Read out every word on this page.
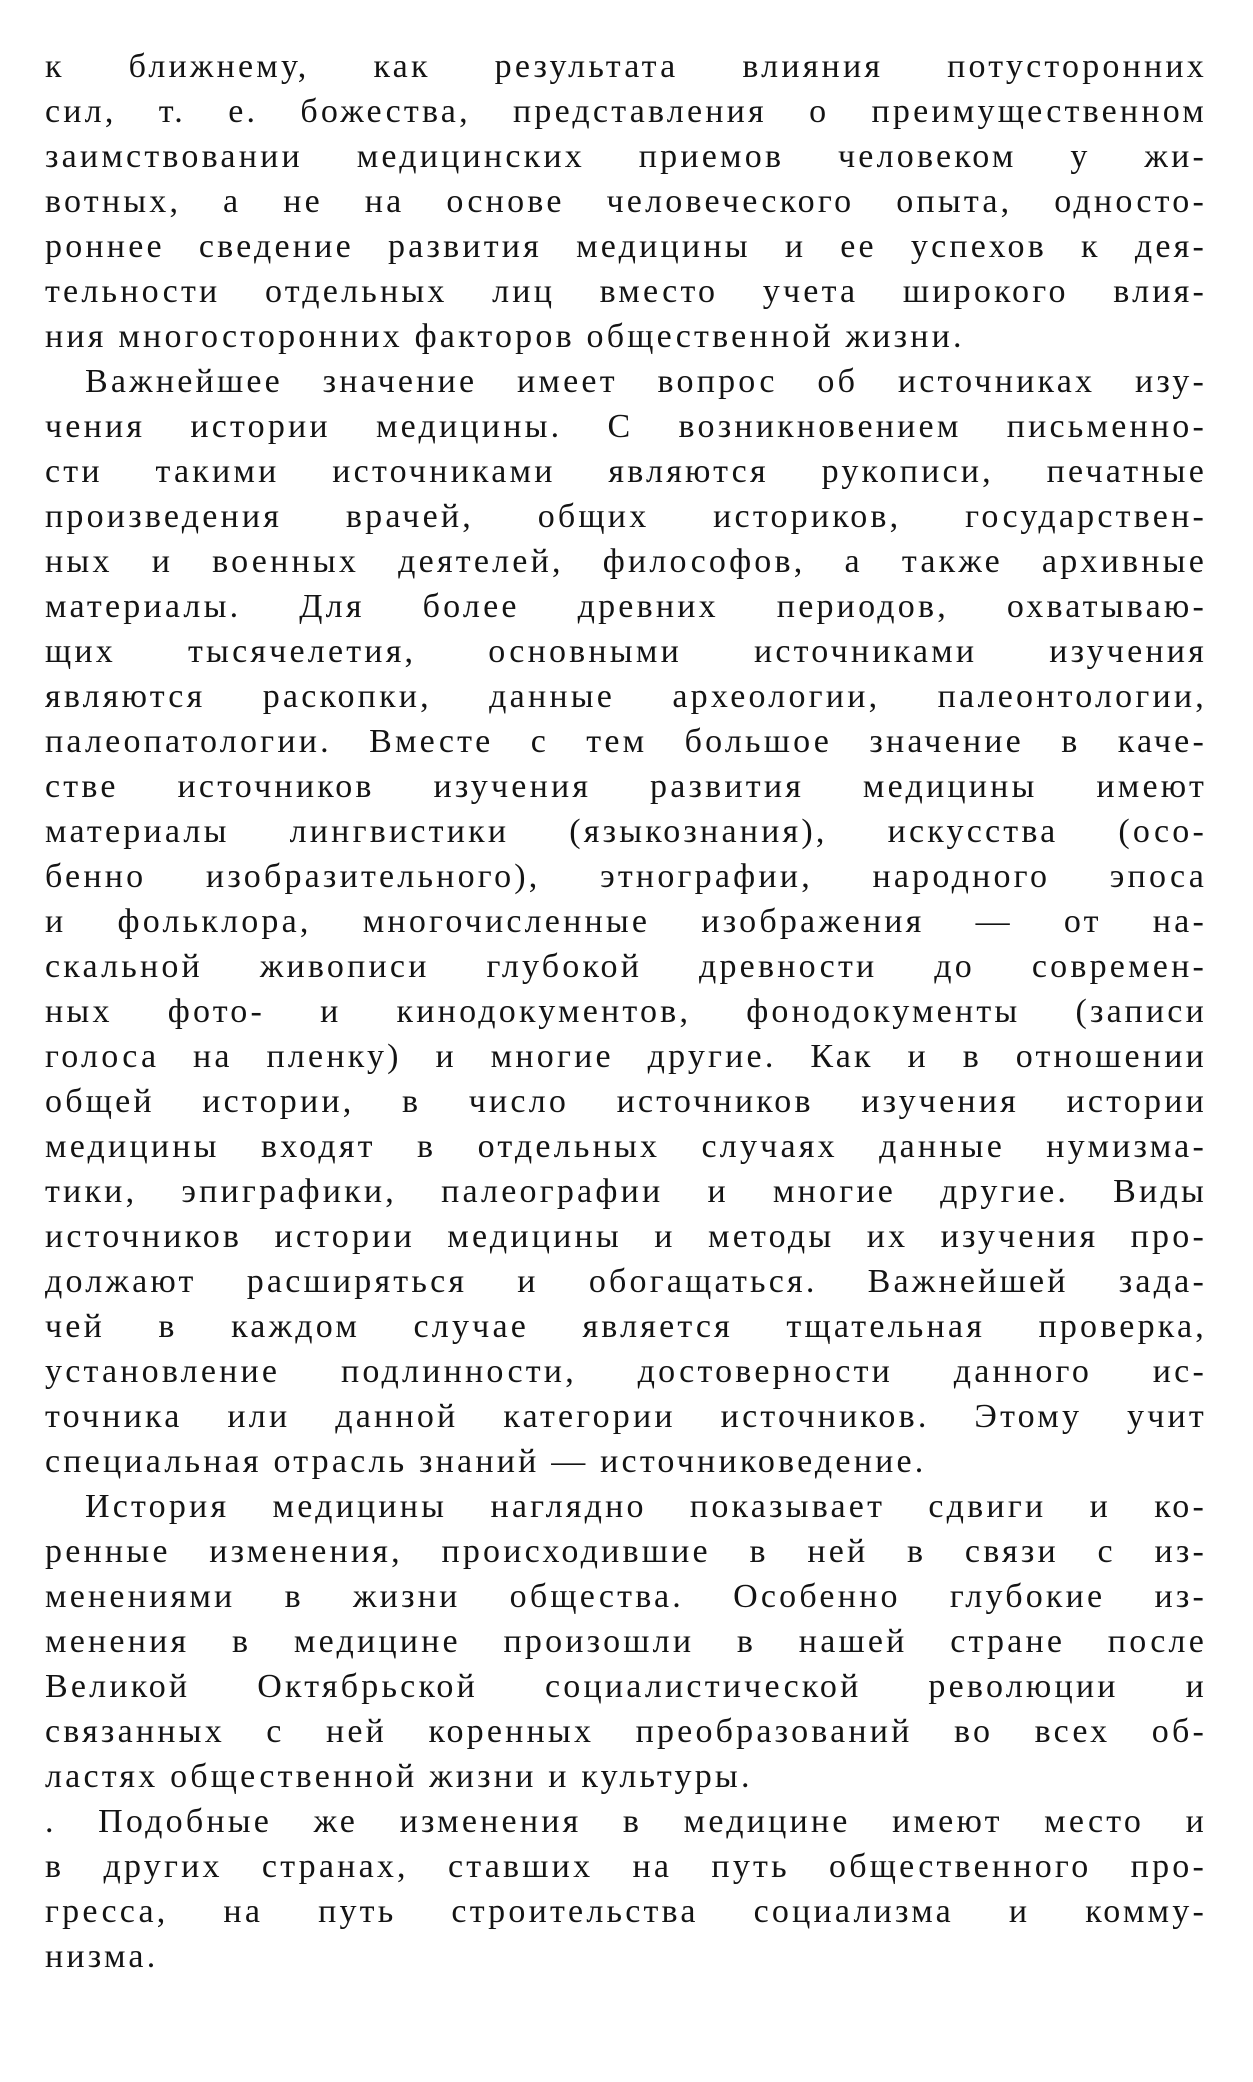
к ближнему, как результата влияния потусторонних
сил, т. е. божества, представления о преимущественном
заимствовании медицинских приемов человеком у жи-
вотных, а не на основе человеческого опыта, односто-
роннее сведение развития медицины и ее успехов к дея-
тельности отдельных лиц вместо учета широкого влия-
ния многосторонних факторов общественной жизни.
Важнейшее значение имеет вопрос об источниках изу-
чения истории медицины. С возникновением письменно-
сти такими источниками являются рукописи, печатные
произведения врачей, общих историков, государствен-
ных и военных деятелей, философов, а также архивные
материалы. Для более древних периодов, охватываю-
щих тысячелетия, основными источниками изучения
являются раскопки, данные археологии, палеонтологии,
палеопатологии. Вместе с тем большое значение в каче-
стве источников изучения развития медицины имеют
материалы лингвистики (языкознания), искусства (осо-
бенно изобразительного), этнографии, народного эпоса
и фольклора, многочисленные изображения — от на-
скальной живописи глубокой древности до современ-
ных фото- и кинодокументов, фонодокументы (записи
голоса на пленку) и многие другие. Как и в отношении
общей истории, в число источников изучения истории
медицины входят в отдельных случаях данные нумизма-
тики, эпиграфики, палеографии и многие другие. Виды
источников истории медицины и методы их изучения про-
должают расширяться и обогащаться. Важнейшей зада-
чей в каждом случае является тщательная проверка,
установление подлинности, достоверности данного ис-
точника или данной категории источников. Этому учит
специальная отрасль знаний — источниковедение.
История медицины наглядно показывает сдвиги и ко-
ренные изменения, происходившие в ней в связи с из-
менениями в жизни общества. Особенно глубокие из-
менения в медицине произошли в нашей стране после
Великой Октябрьской социалистической революции и
связанных с ней коренных преобразований во всех об-
ластях общественной жизни и культуры.
. Подобные же изменения в медицине имеют место и
в других странах, ставших на путь общественного про-
гресса, на путь строительства социализма и комму-
низма.
